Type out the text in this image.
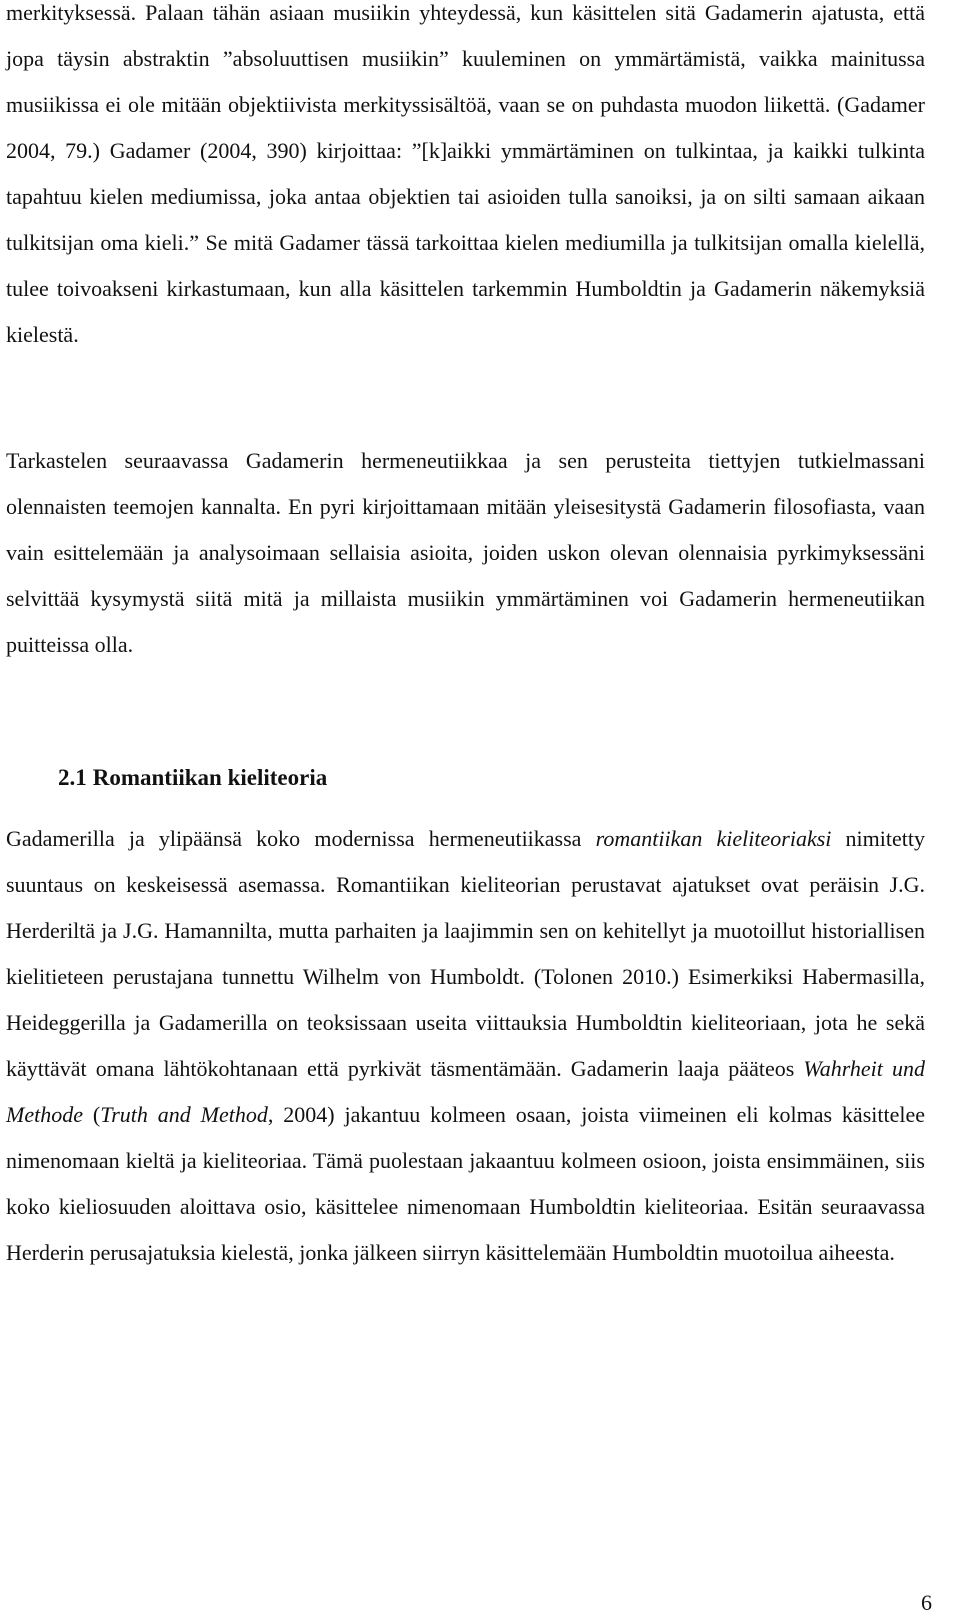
merkityksessä. Palaan tähän asiaan musiikin yhteydessä, kun käsittelen sitä Gadamerin ajatusta, että jopa täysin abstraktin ”absoluuttisen musiikin” kuuleminen on ymmärtämistä, vaikka mainitussa musiikissa ei ole mitään objektiivista merkityssisältöä, vaan se on puhdasta muodon liikettä. (Gadamer 2004, 79.) Gadamer (2004, 390) kirjoittaa: ”[k]aikki ymmärtäminen on tulkintaa, ja kaikki tulkinta tapahtuu kielen mediumissa, joka antaa objektien tai asioiden tulla sanoiksi, ja on silti samaan aikaan tulkitsijan oma kieli.” Se mitä Gadamer tässä tarkoittaa kielen mediumilla ja tulkitsijan omalla kielellä, tulee toivoakseni kirkastumaan, kun alla käsittelen tarkemmin Humboldtin ja Gadamerin näkemyksiä kielestä.

Tarkastelen seuraavassa Gadamerin hermeneutiikkaa ja sen perusteita tiettyjen tutkielmassani olennaisten teemojen kannalta. En pyri kirjoittamaan mitään yleisesitystä Gadamerin filosofiasta, vaan vain esittelemään ja analysoimaan sellaisia asioita, joiden uskon olevan olennaisia pyrkimyksessäni selvittää kysymystä siitä mitä ja millaista musiikin ymmärtäminen voi Gadamerin hermeneutiikan puitteissa olla.

2.1 Romantiikan kieliteoria

Gadamerilla ja ylipäänsä koko modernissa hermeneutiikassa romantiikan kieliteoriaksi nimitetty suuntaus on keskeisessä asemassa. Romantiikan kieliteorian perustavat ajatukset ovat peräisin J.G. Herderiltä ja J.G. Hamannilta, mutta parhaiten ja laajimmin sen on kehitellyt ja muotoillut historiallisen kielitieteen perustajana tunnettu Wilhelm von Humboldt. (Tolonen 2010.) Esimerkiksi Habermasilla, Heideggerilla ja Gadamerilla on teoksissaan useita viittauksia Humboldtin kieliteoriaan, jota he sekä käyttävät omana lähtökohtanaan että pyrkivät täsmentämään. Gadamerin laaja pääteos Wahrheit und Methode (Truth and Method, 2004) jakantuu kolmeen osaan, joista viimeinen eli kolmas käsittelee nimenomaan kieltä ja kieliteoriaa. Tämä puolestaan jakaantuu kolmeen osioon, joista ensimmäinen, siis koko kieliosuuden aloittava osio, käsittelee nimenomaan Humboldtin kieliteoriaa. Esitän seuraavassa Herderin perusajatuksia kielestä, jonka jälkeen siirryn käsittelemään Humboldtin muotoilua aiheesta.

6
